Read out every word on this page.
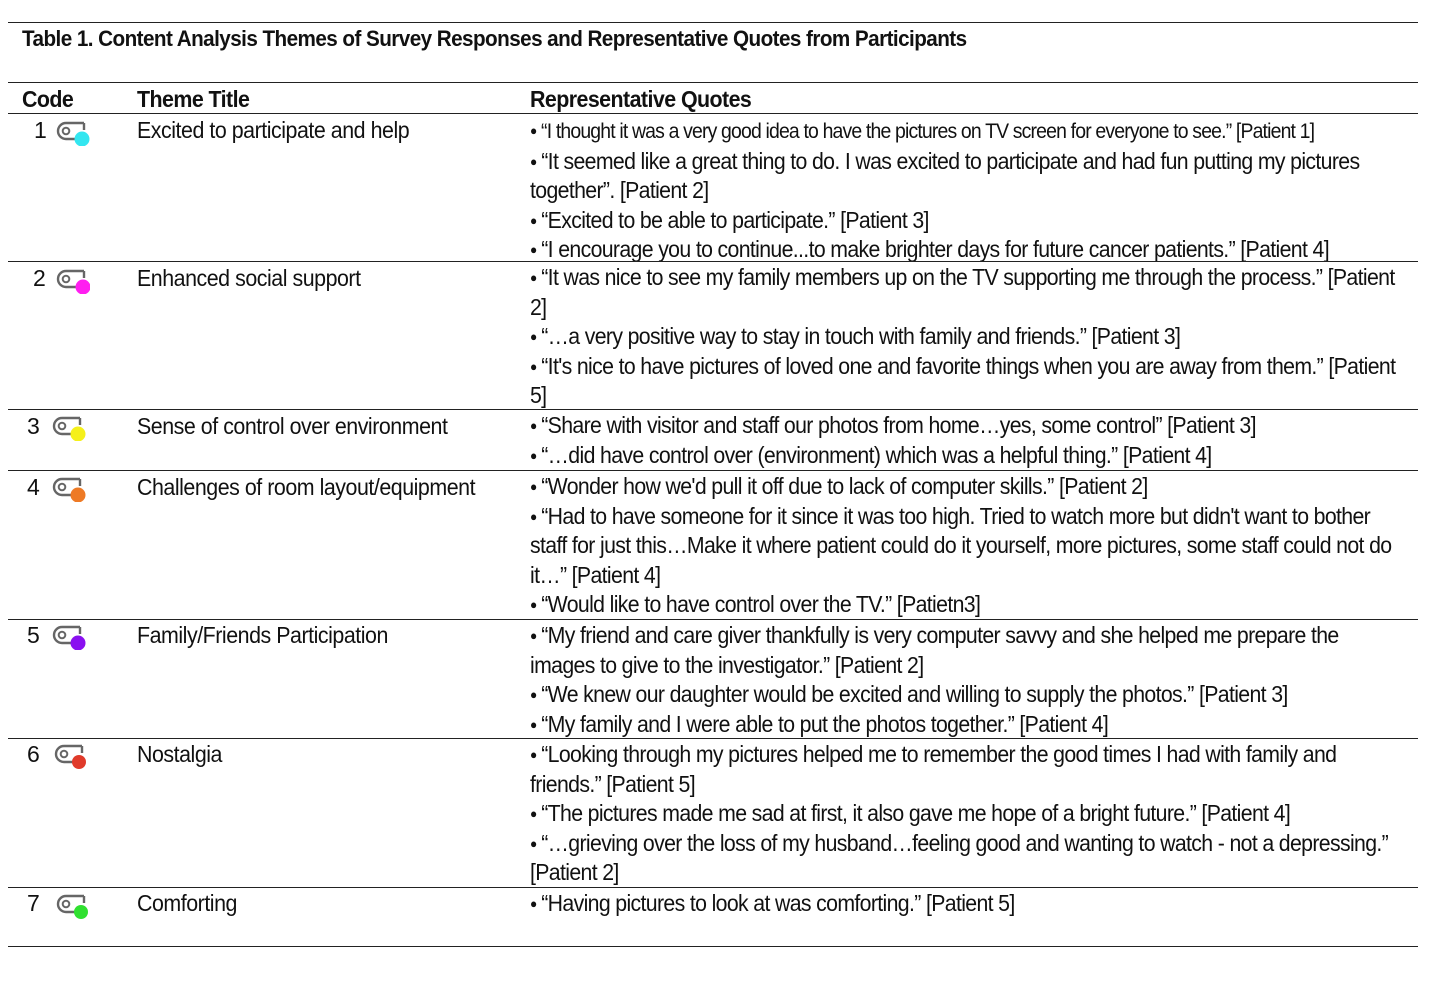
Table 1. Content Analysis Themes of Survey Responses and Representative Quotes from Participants
Code	Theme Title	Representative Quotes
1	Excited to participate and help	● “I thought it was a very good idea to have the pictures on TV screen for everyone to see.” [Patient 1]
● “It seemed like a great thing to do. I was excited to participate and had fun putting my pictures together”. [Patient 2]
● “Excited to be able to participate.” [Patient 3]
● “I encourage you to continue...to make brighter days for future cancer patients.” [Patient 4]
2	Enhanced social support	● “It was nice to see my family members up on the TV supporting me through the process.” [Patient 2]
● “…a very positive way to stay in touch with family and friends.” [Patient 3]
● “It's nice to have pictures of loved one and favorite things when you are away from them.” [Patient 5]
3	Sense of control over environment	● “Share with visitor and staff our photos from home…yes, some control” [Patient 3]
● “…did have control over (environment) which was a helpful thing.” [Patient 4]
4	Challenges of room layout/equipment	● “Wonder how we'd pull it off due to lack of computer skills.” [Patient 2]
● “Had to have someone for it since it was too high. Tried to watch more but didn't want to bother staff for just this…Make it where patient could do it yourself, more pictures, some staff could not do it…” [Patient 4]
● “Would like to have control over the TV.” [Patietn3]
5	Family/Friends Participation	● “My friend and care giver thankfully is very computer savvy and she helped me prepare the images to give to the investigator.” [Patient 2]
● “We knew our daughter would be excited and willing to supply the photos.” [Patient 3]
● “My family and I were able to put the photos together.” [Patient 4]
6	Nostalgia	● “Looking through my pictures helped me to remember the good times I had with family and friends.” [Patient 5]
● “The pictures made me sad at first, it also gave me hope of a bright future.” [Patient 4]
● “…grieving over the loss of my husband…feeling good and wanting to watch - not a depressing.” [Patient 2]
7	Comforting	● “Having pictures to look at was comforting.” [Patient 5]
